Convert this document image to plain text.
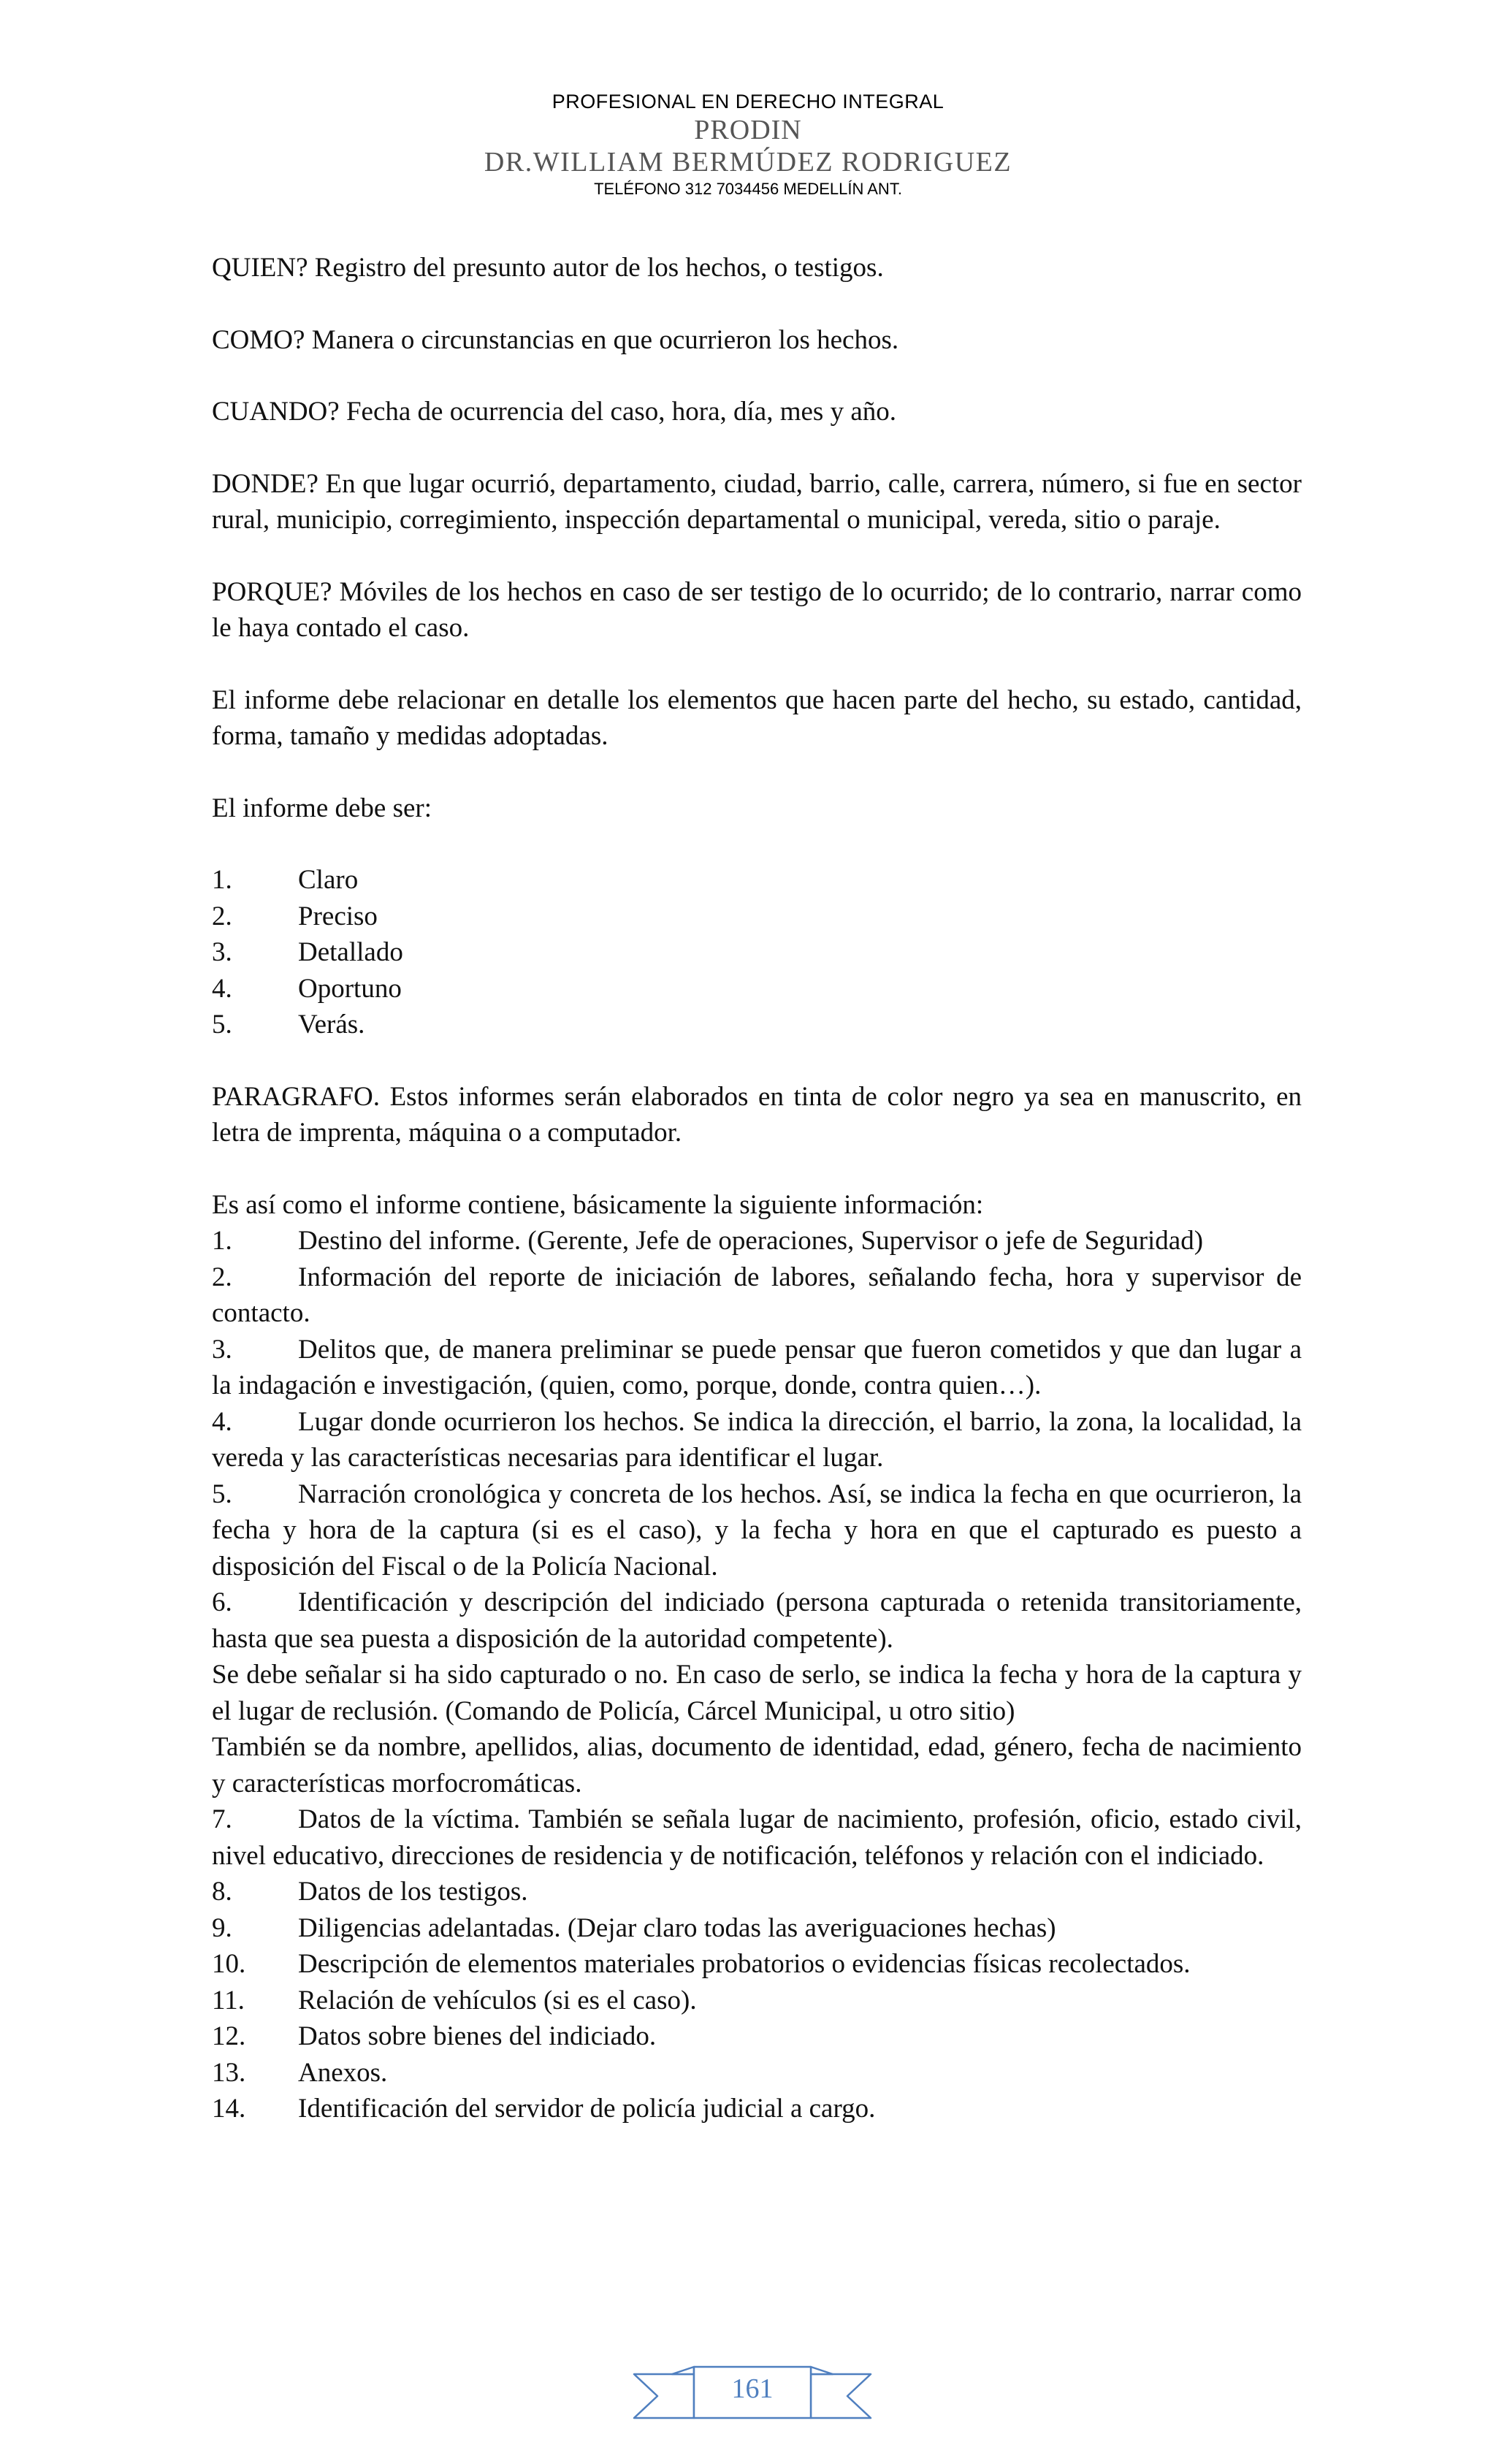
PROFESIONAL EN DERECHO INTEGRAL
PRODIN
DR.WILLIAM BERMÚDEZ RODRIGUEZ
TELÉFONO 312 7034456 MEDELLÍN ANT.

QUIEN? Registro del presunto autor de los hechos, o testigos.

COMO? Manera o circunstancias en que ocurrieron los hechos.

CUANDO? Fecha de ocurrencia del caso, hora, día, mes y año.

DONDE? En que lugar ocurrió, departamento, ciudad, barrio, calle, carrera, número, si fue en sector rural, municipio, corregimiento, inspección departamental o municipal, vereda, sitio o paraje.

PORQUE? Móviles de los hechos en caso de ser testigo de lo ocurrido; de lo contrario, narrar como le haya contado el caso.

El informe debe relacionar en detalle los elementos que hacen parte del hecho, su estado, cantidad, forma, tamaño y medidas adoptadas.

El informe debe ser:

1. Claro
2. Preciso
3. Detallado
4. Oportuno
5. Verás.

PARAGRAFO. Estos informes serán elaborados en tinta de color negro ya sea en manuscrito, en letra de imprenta, máquina o a computador.

Es así como el informe contiene, básicamente la siguiente información:

1. Destino del informe. (Gerente, Jefe de operaciones, Supervisor o jefe de Seguridad)
2. Información del reporte de iniciación de labores, señalando fecha, hora y supervisor de contacto.
3. Delitos que, de manera preliminar se puede pensar que fueron cometidos y que dan lugar a la indagación e investigación, (quien, como, porque, donde, contra quien…).
4. Lugar donde ocurrieron los hechos. Se indica la dirección, el barrio, la zona, la localidad, la vereda y las características necesarias para identificar el lugar.
5. Narración cronológica y concreta de los hechos. Así, se indica la fecha en que ocurrieron, la fecha y hora de la captura (si es el caso), y la fecha y hora en que el capturado es puesto a disposición del Fiscal o de la Policía Nacional.
6. Identificación y descripción del indiciado (persona capturada o retenida transitoriamente, hasta que sea puesta a disposición de la autoridad competente).

Se debe señalar si ha sido capturado o no. En caso de serlo, se indica la fecha y hora de la captura y el lugar de reclusión. (Comando de Policía, Cárcel Municipal, u otro sitio)

También se da nombre, apellidos, alias, documento de identidad, edad, género, fecha de nacimiento y características morfocromáticas.

7. Datos de la víctima. También se señala lugar de nacimiento, profesión, oficio, estado civil, nivel educativo, direcciones de residencia y de notificación, teléfonos y relación con el indiciado.
8. Datos de los testigos.
9. Diligencias adelantadas. (Dejar claro todas las averiguaciones hechas)
10. Descripción de elementos materiales probatorios o evidencias físicas recolectados.
11. Relación de vehículos (si es el caso).
12. Datos sobre bienes del indiciado.
13. Anexos.
14. Identificación del servidor de policía judicial a cargo.
161
